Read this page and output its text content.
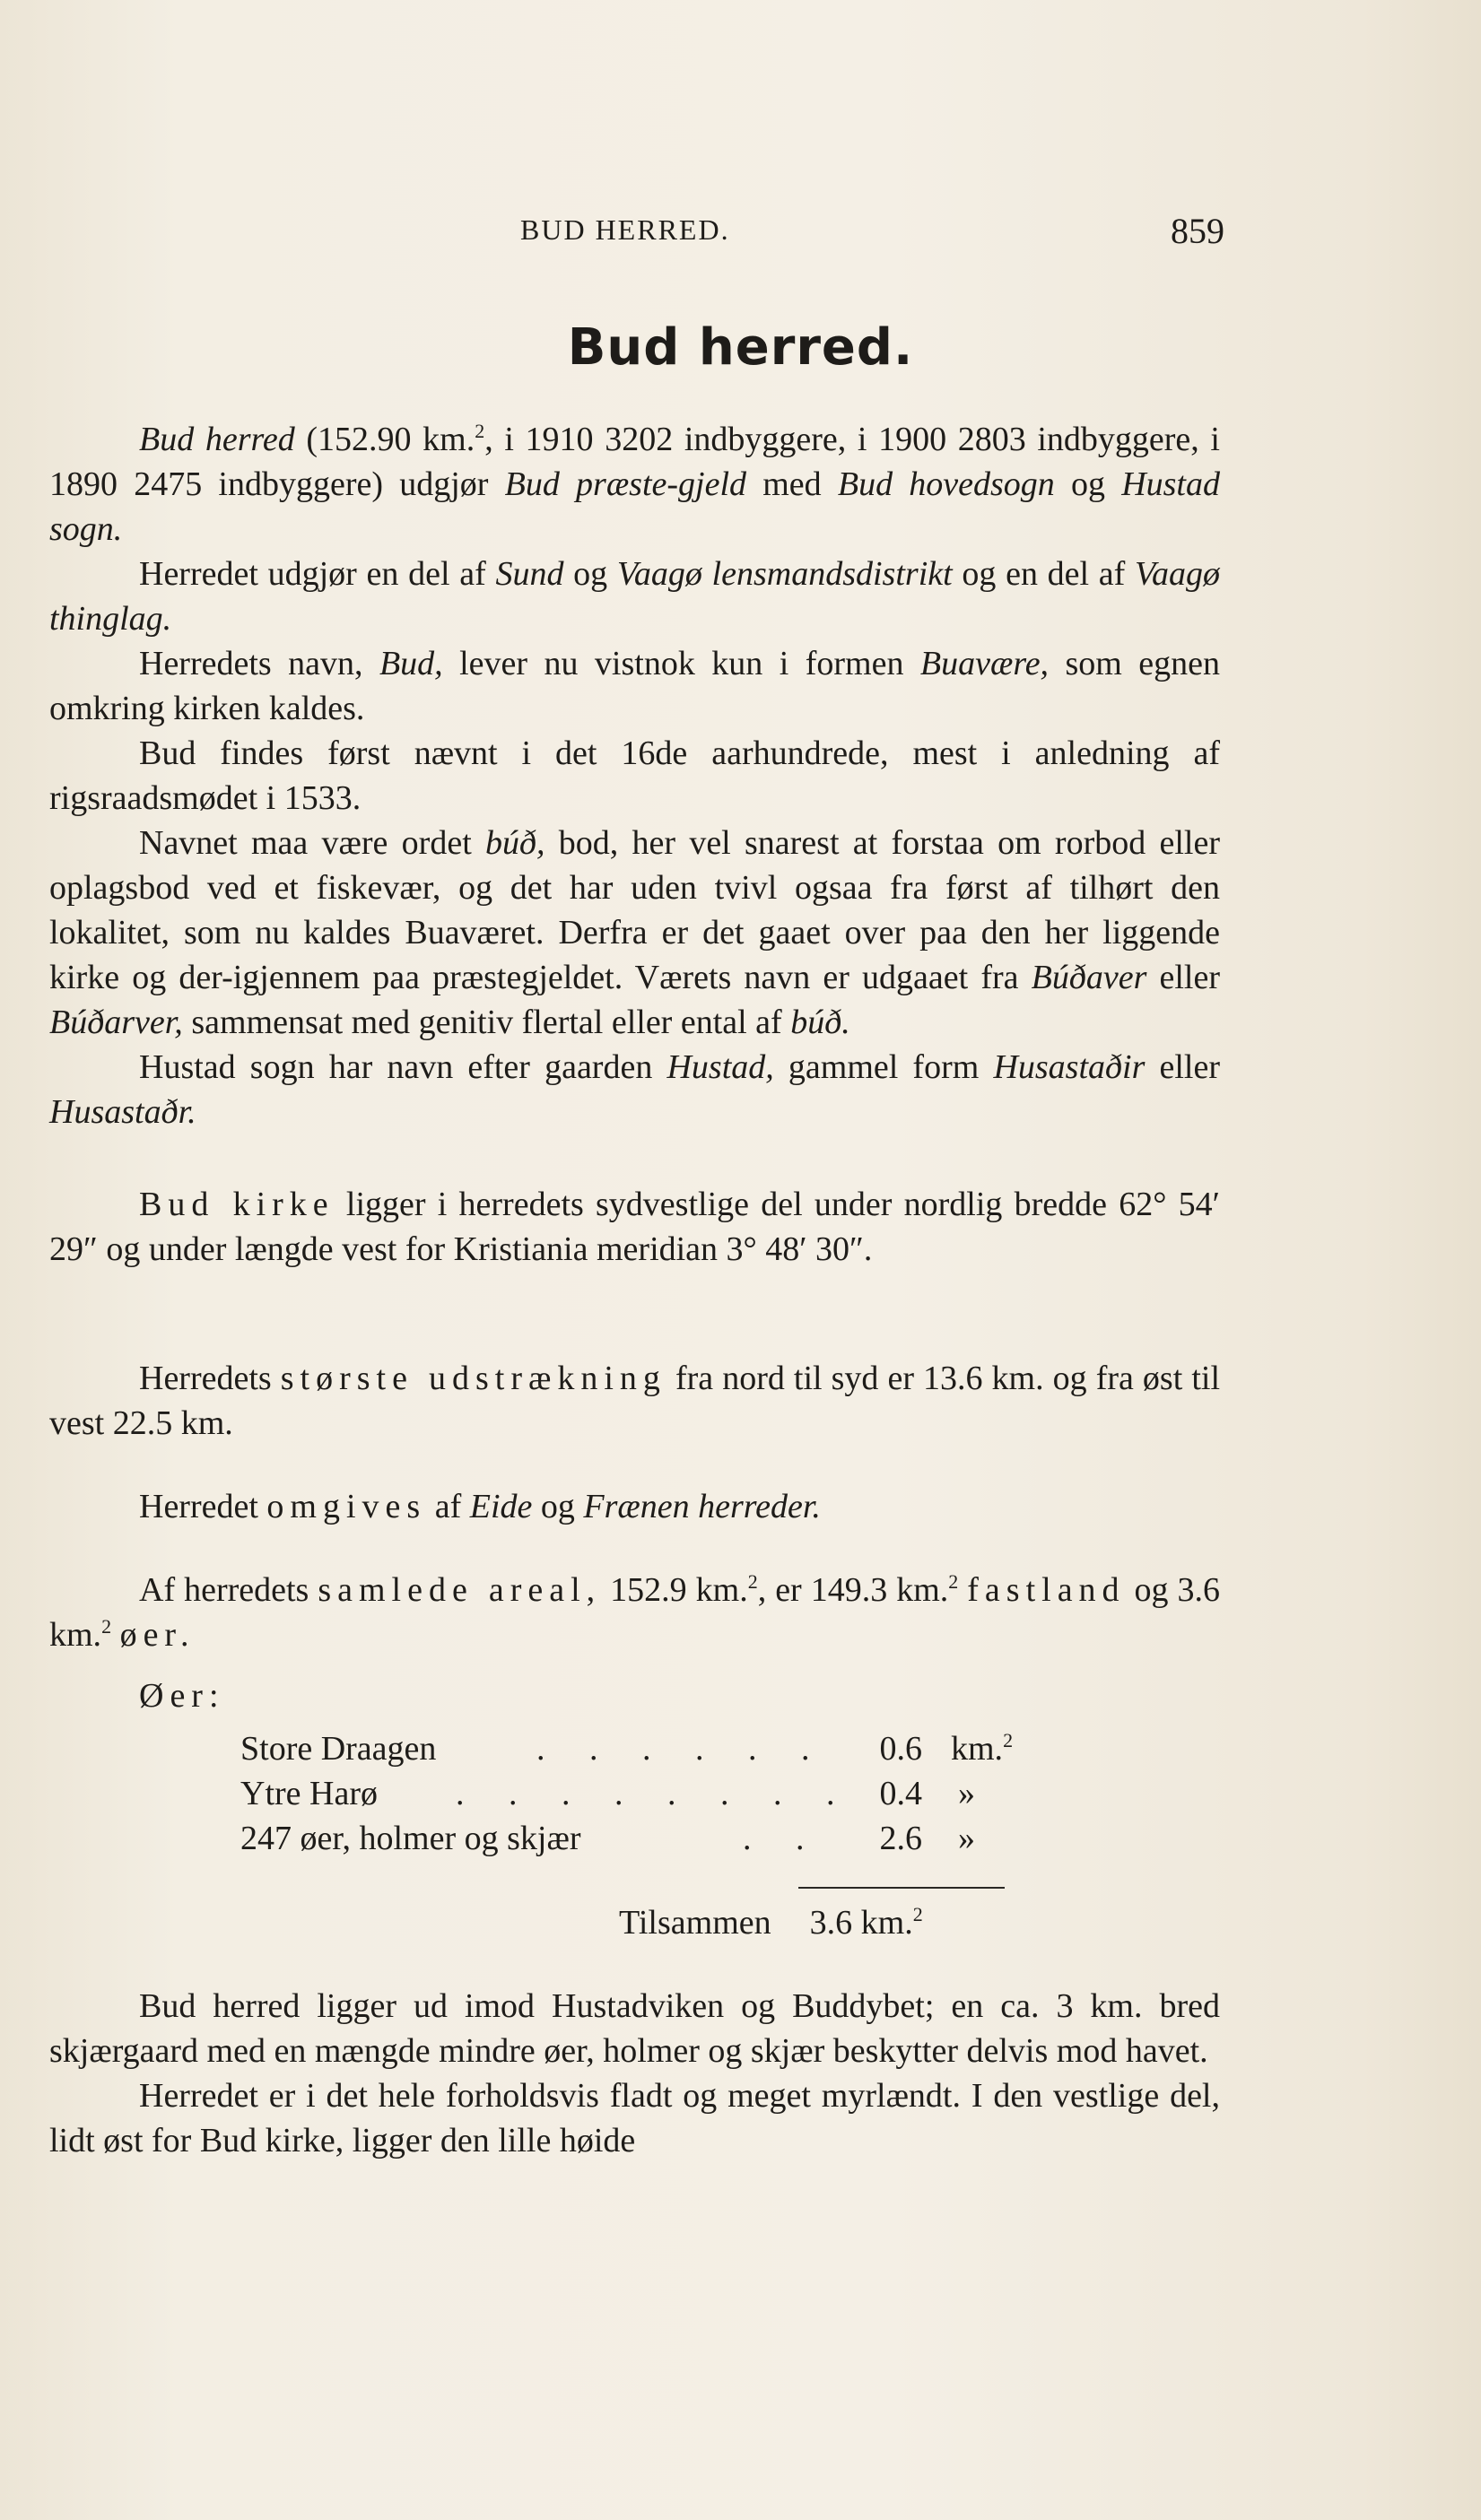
BUD HERRED.	859
Bud herred.

Bud herred (152.90 km.$^2$, i 1910 3202 indbyggere, i 1900 2803 indbyggere, i 1890 2475 indbyggere) udgjør Bud præste-gjeld med Bud hovedsogn og Hustad sogn.

Herredet udgjør en del af Sund og Vaagø lensmandsdistrikt og en del af Vaagø thinglag.

Herredets navn, Bud, lever nu vistnok kun i formen Buavære, som egnen omkring kirken kaldes.

Bud findes først nævnt i det 16de aarhundrede, mest i anledning af rigsraadsmødet i 1533.

Navnet maa være ordet búð, bod, her vel snarest at forstaa om rorbod eller oplagsbod ved et fiskevær, og det har uden tvivl ogsaa fra først af tilhørt den lokalitet, som nu kaldes Buaværet. Derfra er det gaaet over paa den her liggende kirke og der-igjennem paa præstegjeldet. Værets navn er udgaaet fra Búðaver eller Búðarver, sammensat med genitiv flertal eller ental af búð.

Hustad sogn har navn efter gaarden Hustad, gammel form Husastaðir eller Husastaðr.

Bud kirke ligger i herredets sydvestlige del under nordlig bredde 62° 54′ 29″ og under længde vest for Kristiania meridian 3° 48′ 30″.

Herredets største udstrækning fra nord til syd er 13.6 km. og fra øst til vest 22.5 km.

Herredet omgives af Eide og Frænen herreder.

Af herredets samlede areal, 152.9 km.$^2$, er 149.3 km.$^2$ fastland og 3.6 km.$^2$ øer.

Øer:

Store Draagen	. . . . . .	0.6 km.$^2$
Ytre Harø . . . . . . . . 0.4 »
247 øer, holmer og skjær	. .	2.6 »
Tilsammen 3.6 km.$^2$

Bud herred ligger ud imod Hustadviken og Buddybet; en ca. 3 km. bred skjærgaard med en mængde mindre øer, holmer og skjær beskytter delvis mod havet.

Herredet er i det hele forholdsvis fladt og meget myrlændt. I den vestlige del, lidt øst for Bud kirke, ligger den lille høide
